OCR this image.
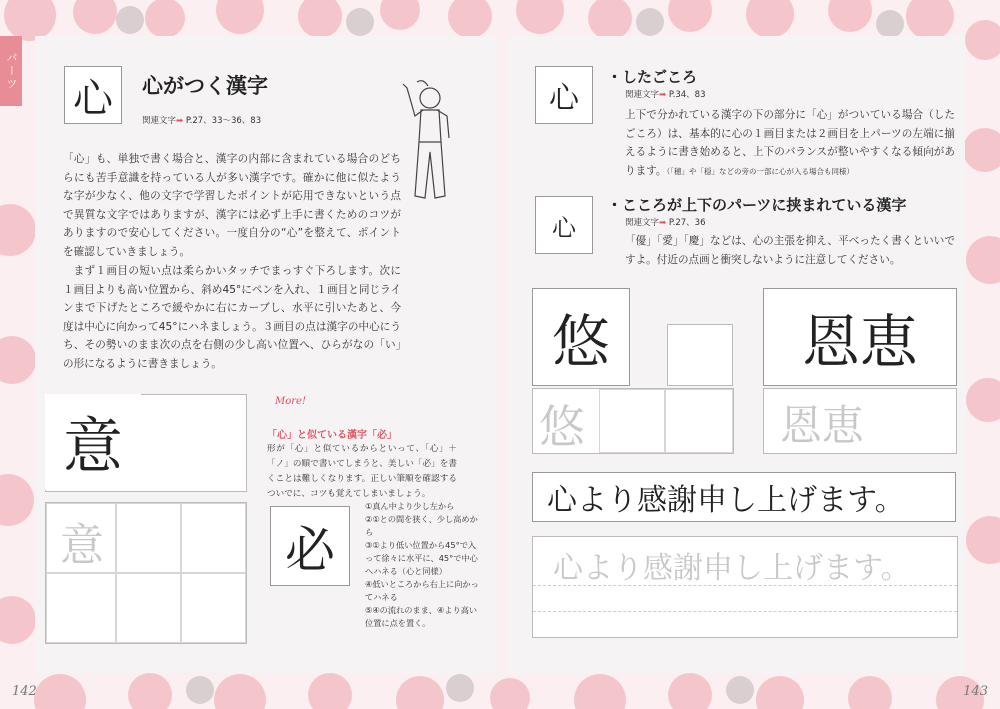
パーツ
心 心がつく漢字
関連文字➡ P.27、33～36、83
「心」も、単独で書く場合と、漢字の内部に含まれている場合のどちらにも苦手意識を持っている人が多い漢字です。確かに他に似たような字が少なく、他の文字で学習したポイントが応用できないという点で異質な文字ではありますが、漢字には必ず上手に書くためのコツがありますので安心してください。一度自分の“心”を整えて、ポイントを確認していきましょう。
まず１画目の短い点は柔らかいタッチでまっすぐ下ろします。次に１画目よりも高い位置から、斜め45°にペンを入れ、１画目と同じラインまで下げたところで緩やかに右にカーブし、水平に引いたあと、今度は中心に向かって45°にハネましょう。３画目の点は漢字の中心にうち、その勢いのまま次の点を右側の少し高い位置へ、ひらがなの「い」の形になるように書きましょう。
意
意
More!
「心」と似ている漢字「必」
形が「心」と似ているからといって、「心」＋「ノ」の順で書いてしまうと、美しい「必」を書くことは難しくなります。正しい筆順を確認するついでに、コツも覚えてしまいましょう。
必
①真ん中より少し左から
②①との間を狭く、少し高めから
③①より低い位置から45°で入って徐々に水平に、45°で中心へハネる（心と同様）
④低いところから右上に向かってハネる
⑤④の流れのまま、④より高い位置に点を置く。
142
心
・したごころ
関連文字➡ P.34、83
上下で分かれている漢字の下の部分に「心」がついている場合（したごころ）は、基本的に心の１画目または２画目を上パーツの左端に揃えるように書き始めると、上下のバランスが整いやすくなる傾向があります。（「穂」や「穏」などの旁の一部に心が入る場合も同様）
心
・こころが上下のパーツに挟まれている漢字
関連文字➡ P.27、36
「優」「愛」「慶」などは、心の主張を抑え、平べったく書くといいですよ。付近の点画と衝突しないように注意してください。
悠	恩 恵
悠	恩恵
心より感謝申し上げます。
心より感謝申し上げます。
143
